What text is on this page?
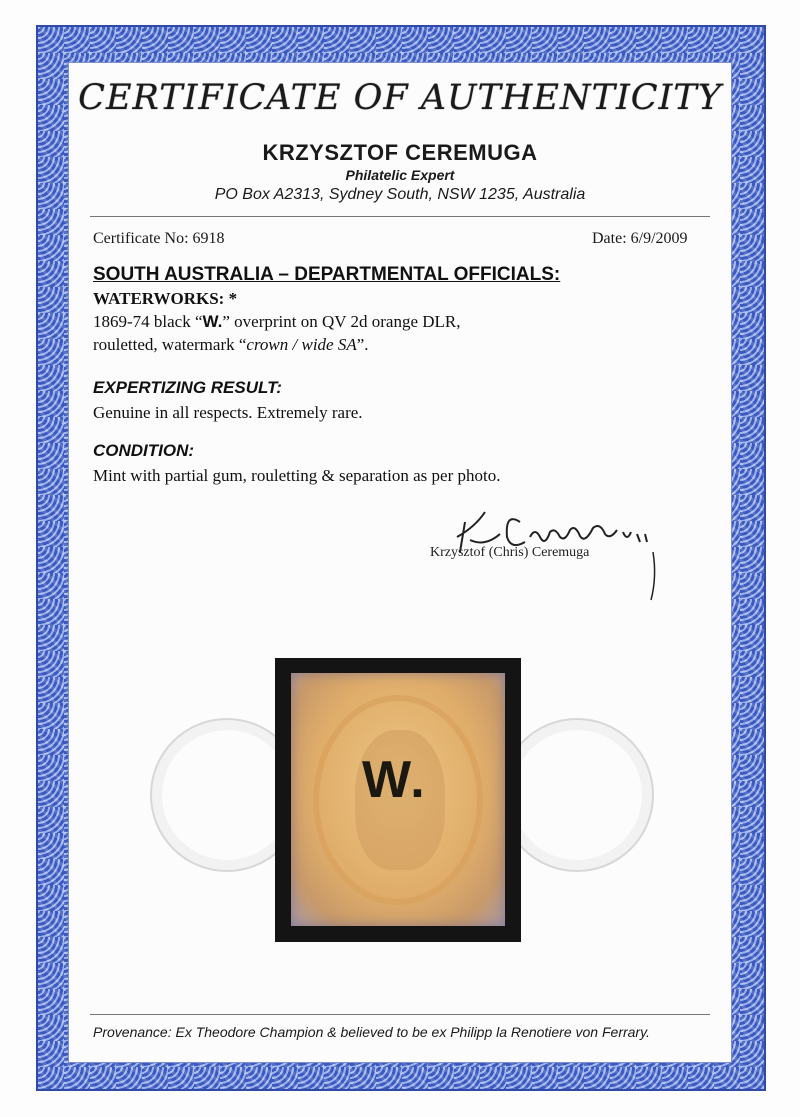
CERTIFICATE OF AUTHENTICITY
KRZYSZTOF CEREMUGA
Philatelic Expert
PO Box A2313, Sydney South, NSW 1235, Australia
Certificate No: 6918	Date: 6/9/2009
SOUTH AUSTRALIA – DEPARTMENTAL OFFICIALS:
WATERWORKS: *
1869-74 black “W.” overprint on QV 2d orange DLR,
rouletted, watermark “crown / wide SA”.
EXPERTIZING RESULT:
Genuine in all respects. Extremely rare.
CONDITION:
Mint with partial gum, rouletting & separation as per photo.
Krzysztof (Chris) Ceremuga
W.
Provenance: Ex Theodore Champion & believed to be ex Philipp la Renotiere von Ferrary.
